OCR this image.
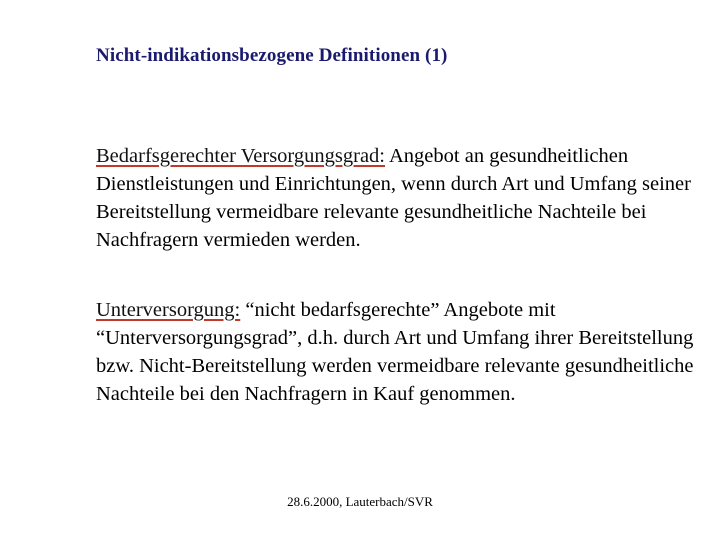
Nicht-indikationsbezogene Definitionen (1)
Bedarfsgerechter Versorgungsgrad: Angebot an gesundheitlichen Dienstleistungen und Einrichtungen, wenn durch Art und Umfang seiner Bereitstellung vermeidbare relevante gesundheitliche Nachteile bei Nachfragern vermieden werden.
Unterversorgung: “nicht bedarfsgerechte” Angebote mit “Unterversorgungsgrad”, d.h. durch Art und Umfang ihrer Bereitstellung bzw. Nicht-Bereitstellung werden vermeidbare relevante gesundheitliche Nachteile bei den Nachfragern in Kauf genommen.
28.6.2000, Lauterbach/SVR
